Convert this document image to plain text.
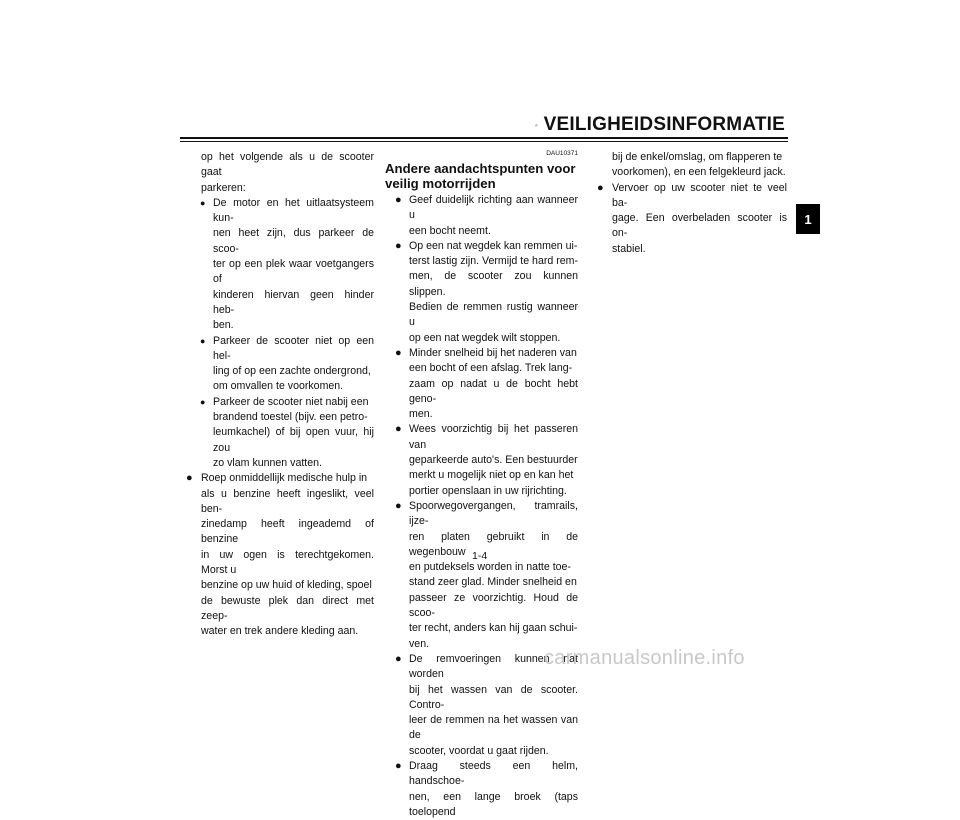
VEILIGHEIDSINFORMATIE
1

op het volgende als u de scooter gaat
parkeren:

● De motor en het uitlaatsysteem kun-
nen heet zijn, dus parkeer de scoo-
ter op een plek waar voetgangers of
kinderen hiervan geen hinder heb-
ben.
● Parkeer de scooter niet op een hel-
ling of op een zachte ondergrond,
om omvallen te voorkomen.
● Parkeer de scooter niet nabij een
brandend toestel (bijv. een petro-
leumkachel) of bij open vuur, hij zou
zo vlam kunnen vatten.
● Roep onmiddellijk medische hulp in
als u benzine heeft ingeslikt, veel ben-
zinedamp heeft ingeademd of benzine
in uw ogen is terechtgekomen. Morst u
benzine op uw huid of kleding, spoel
de bewuste plek dan direct met zeep-
water en trek andere kleding aan.
DAU10371
Andere aandachtspunten voor
veilig motorrijden
● Geef duidelijk richting aan wanneer u
een bocht neemt.
● Op een nat wegdek kan remmen ui-
terst lastig zijn. Vermijd te hard rem-
men, de scooter zou kunnen slippen.
Bedien de remmen rustig wanneer u
op een nat wegdek wilt stoppen.
● Minder snelheid bij het naderen van
een bocht of een afslag. Trek lang-
zaam op nadat u de bocht hebt geno-
men.
● Wees voorzichtig bij het passeren van
geparkeerde auto's. Een bestuurder
merkt u mogelijk niet op en kan het
portier openslaan in uw rijrichting.
● Spoorwegovergangen, tramrails, ijze-
ren platen gebruikt in de wegenbouw
en putdeksels worden in natte toe-
stand zeer glad. Minder snelheid en
passeer ze voorzichtig. Houd de scoo-
ter recht, anders kan hij gaan schui-
ven.
● De remvoeringen kunnen nat worden
bij het wassen van de scooter. Contro-
leer de remmen na het wassen van de
scooter, voordat u gaat rijden.
● Draag steeds een helm, handschoe-
nen, een lange broek (taps toelopend

bij de enkel/omslag, om flapperen te
voorkomen), en een felgekleurd jack.

● Vervoer op uw scooter niet te veel ba-
gage. Een overbeladen scooter is on-
stabiel.
1-4
carmanualsonline.info
